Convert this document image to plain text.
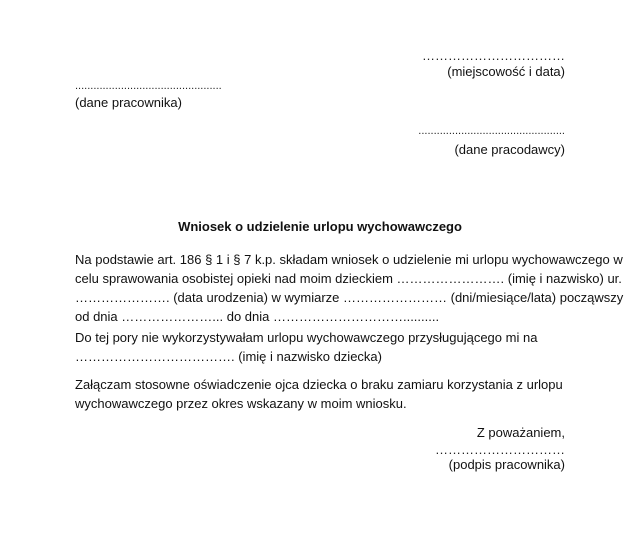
……………………………
(miejscowość i data)
................................................
(dane pracownika)
................................................
(dane pracodawcy)
Wniosek o udzielenie urlopu wychowawczego
Na podstawie art. 186 § 1 i § 7 k.p. składam wniosek o udzielenie mi urlopu wychowawczego w
celu sprawowania osobistej opieki nad moim dzieckiem ……………………. (imię i nazwisko) ur.
…………………. (data urodzenia) w wymiarze …………………… (dni/miesiące/lata) począwszy
od dnia …………………... do dnia …………………………..........
Do tej pory nie wykorzystywałam urlopu wychowawczego przysługującego mi na
………………………………. (imię i nazwisko dziecka)
Załączam stosowne oświadczenie ojca dziecka o braku zamiaru korzystania z urlopu
wychowawczego przez okres wskazany w moim wniosku.
Z poważaniem,
…………………………
(podpis pracownika)
